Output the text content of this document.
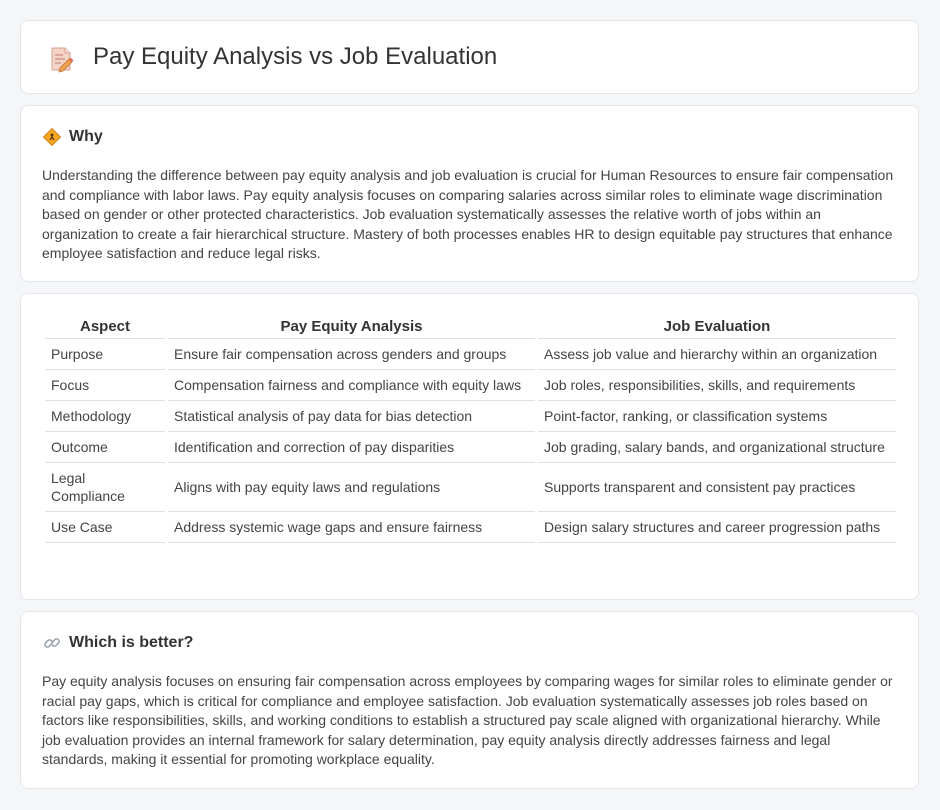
Pay Equity Analysis vs Job Evaluation
Why

Understanding the difference between pay equity analysis and job evaluation is crucial for Human Resources to ensure fair compensation and compliance with labor laws. Pay equity analysis focuses on comparing salaries across similar roles to eliminate wage discrimination based on gender or other protected characteristics. Job evaluation systematically assesses the relative worth of jobs within an organization to create a fair hierarchical structure. Mastery of both processes enables HR to design equitable pay structures that enhance employee satisfaction and reduce legal risks.

Aspect	Pay Equity Analysis	Job Evaluation
Purpose	Ensure fair compensation across genders and groups	Assess job value and hierarchy within an organization
Focus	Compensation fairness and compliance with equity laws	Job roles, responsibilities, skills, and requirements
Methodology	Statistical analysis of pay data for bias detection	Point-factor, ranking, or classification systems
Outcome	Identification and correction of pay disparities	Job grading, salary bands, and organizational structure
Legal Compliance	Aligns with pay equity laws and regulations	Supports transparent and consistent pay practices
Use Case	Address systemic wage gaps and ensure fairness	Design salary structures and career progression paths
Which is better?

Pay equity analysis focuses on ensuring fair compensation across employees by comparing wages for similar roles to eliminate gender or racial pay gaps, which is critical for compliance and employee satisfaction. Job evaluation systematically assesses job roles based on factors like responsibilities, skills, and working conditions to establish a structured pay scale aligned with organizational hierarchy. While job evaluation provides an internal framework for salary determination, pay equity analysis directly addresses fairness and legal standards, making it essential for promoting workplace equality.
